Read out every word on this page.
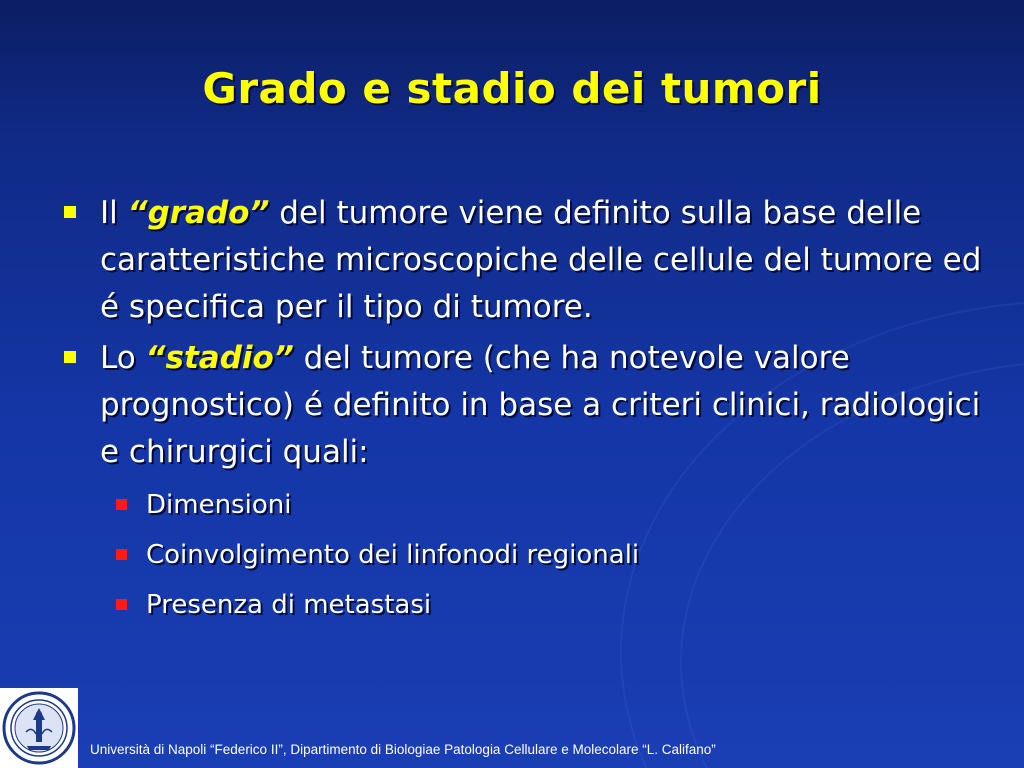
Grado e stadio dei tumori
Il “grado” del tumore viene definito sulla base delle caratteristiche microscopiche delle cellule del tumore ed é specifica per il tipo di tumore.
Lo “stadio” del tumore (che ha notevole valore prognostico) é definito in base a criteri clinici, radiologici e chirurgici quali:
Dimensioni
Coinvolgimento dei linfonodi regionali
Presenza di metastasi
Università di Napoli “Federico II”, Dipartimento di Biologiae Patologia Cellulare e Molecolare “L. Califano”
